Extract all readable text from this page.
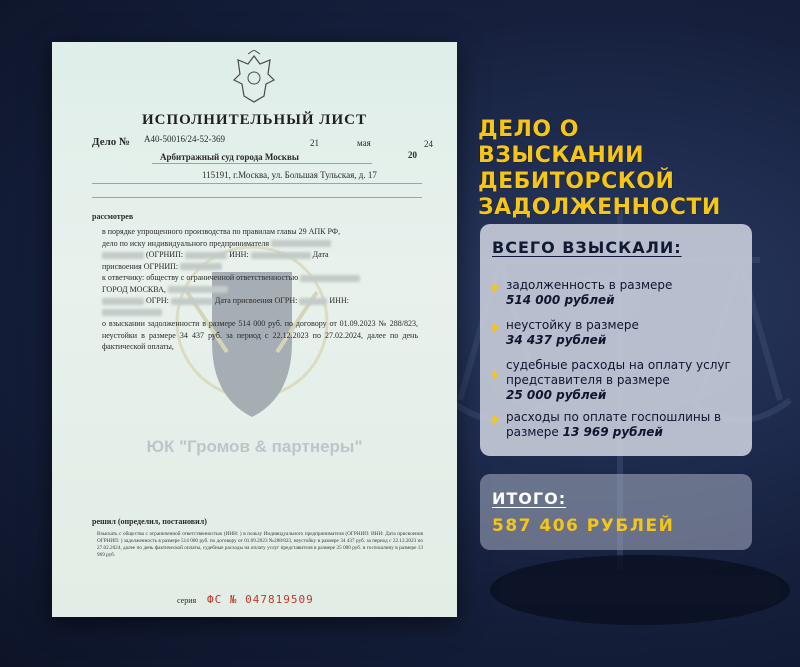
ИСПОЛНИТЕЛЬНЫЙ ЛИСТ
Дело № А40-50016/24-52-369	21	мая	24
20
Арбитражный суд города Москвы
115191, г.Москва, ул. Большая Тульская, д. 17
рассмотрев

в порядке упрощенного производства по правилам главы 29 АПК РФ,

дело по иску индивидуального предпринимателя

(ОГРНИП:	ИНН:	Дата

присвоения ОГРНИП:

к ответчику: обществу с ограниченной ответственностью

ГОРОД МОСКВА,

ОГРН:	Дата присвоения ОГРН:	ИНН:

о взыскании задолженности в размере 514 000 руб. по договору от 01.09.2023 № 288/823, неустойки в размере 34 437 руб. за период с 22.12.2023 по 27.02.2024, далее по день фактической оплаты,

ЮК "Громов & партнеры"
решил (определил, постановил)

Взыскать с общества с ограниченной ответственностью (ИНН: ) в пользу Индивидуального предпринимателя (ОГРНИП: ИНН: Дата присвоения ОГРНИП: ) задолженность в размере 514 000 руб. по договору от 01.09.2023 №288/823, неустойку в размере 34 437 руб. за период с 22.12.2023 по 27.02.2024, далее по день фактической оплаты, судебные расходы на оплату услуг представителя в размере 25 000 руб. и госпошлину в размере 13 969 руб.

серия ФС № 047819509
ДЕЛО О
ВЗЫСКАНИИ
ДЕБИТОРСКОЙ
ЗАДОЛЖЕННОСТИ
ВСЕГО ВЗЫСКАЛИ:
задолженность в размере
514 000 рублей
неустойку в размере
34 437 рублей
судебные расходы на оплату услуг представителя в размере
25 000 рублей
расходы по оплате госпошлины в размере 13 969 рублей
ИТОГО:
587 406 РУБЛЕЙ
